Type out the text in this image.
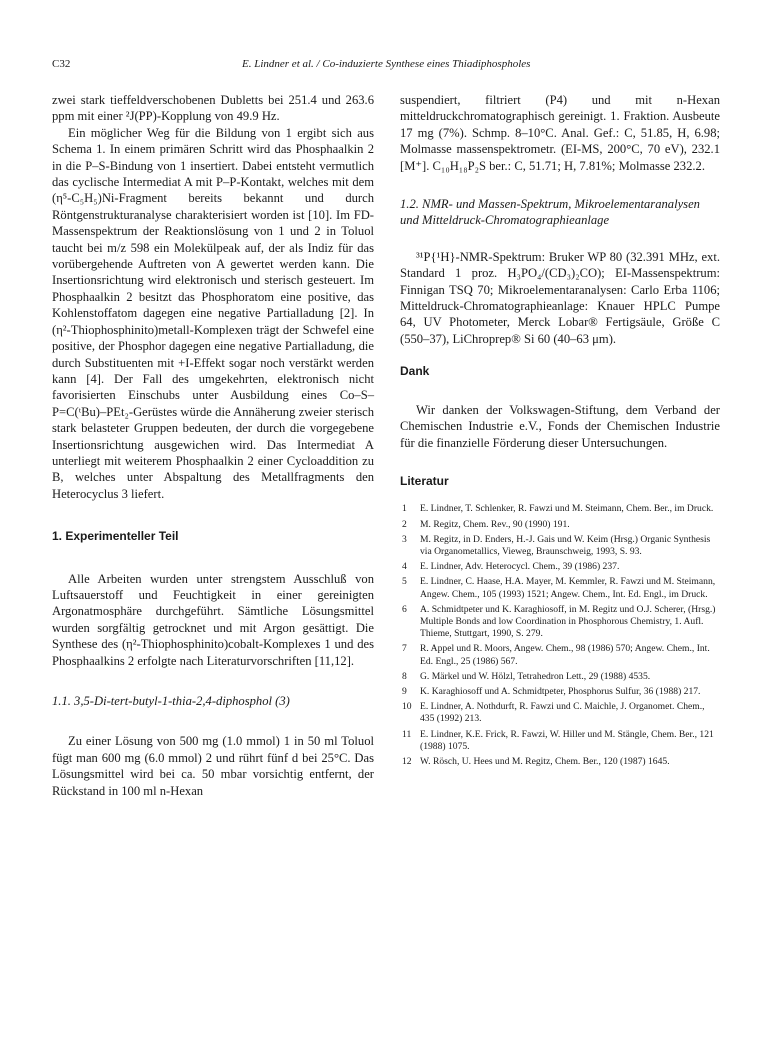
C32	E. Lindner et al. / Co-induzierte Synthese eines Thiadiphospholes

zwei stark tieffeldverschobenen Dubletts bei 251.4 und 263.6 ppm mit einer ²J(PP)-Kopplung von 49.9 Hz.

Ein möglicher Weg für die Bildung von 1 ergibt sich aus Schema 1. In einem primären Schritt wird das Phosphaalkin 2 in die P–S-Bindung von 1 insertiert. Dabei entsteht vermutlich das cyclische Intermediat A mit P–P-Kontakt, welches mit dem (η⁵-C₅H₅)Ni-Fragment bereits bekannt und durch Röntgenstrukturanalyse charakterisiert worden ist [10]. Im FD-Massenspektrum der Reaktionslösung von 1 und 2 in Toluol taucht bei m/z 598 ein Molekülpeak auf, der als Indiz für das vorübergehende Auftreten von A gewertet werden kann. Die Insertionsrichtung wird elektronisch und sterisch gesteuert. Im Phosphaalkin 2 besitzt das Phosphoratom eine positive, das Kohlenstoffatom dagegen eine negative Partialladung [2]. In (η²-Thiophosphinito)metall-Komplexen trägt der Schwefel eine positive, der Phosphor dagegen eine negative Partialladung, die durch Substituenten mit +I-Effekt sogar noch verstärkt werden kann [4]. Der Fall des umgekehrten, elektronisch nicht favorisierten Einschubs unter Ausbildung eines Co–S–P=C(ᵗBu)–PEt₂-Gerüstes würde die Annäherung zweier sterisch stark belasteter Gruppen bedeuten, der durch die vorgegebene Insertionsrichtung ausgewichen wird. Das Intermediat A unterliegt mit weiterem Phosphaalkin 2 einer Cycloaddition zu B, welches unter Abspaltung des Metallfragments den Heterocyclus 3 liefert.

1. Experimenteller Teil

Alle Arbeiten wurden unter strengstem Ausschluß von Luftsauerstoff und Feuchtigkeit in einer gereinigten Argonatmosphäre durchgeführt. Sämtliche Lösungsmittel wurden sorgfältig getrocknet und mit Argon gesättigt. Die Synthese des (η²-Thiophosphinito)cobalt-Komplexes 1 und des Phosphaalkins 2 erfolgte nach Literaturvorschriften [11,12].

1.1. 3,5-Di-tert-butyl-1-thia-2,4-diphosphol (3)

Zu einer Lösung von 500 mg (1.0 mmol) 1 in 50 ml Toluol fügt man 600 mg (6.0 mmol) 2 und rührt fünf d bei 25°C. Das Lösungsmittel wird bei ca. 50 mbar vorsichtig entfernt, der Rückstand in 100 ml n-Hexan

suspendiert, filtriert (P4) und mit n-Hexan mitteldruckchromatographisch gereinigt. 1. Fraktion. Ausbeute 17 mg (7%). Schmp. 8–10°C. Anal. Gef.: C, 51.85, H, 6.98; Molmasse massenspektrometr. (EI-MS, 200°C, 70 eV), 232.1 [M⁺]. C₁₀H₁₈P₂S ber.: C, 51.71; H, 7.81%; Molmasse 232.2.

1.2. NMR- und Massen-Spektrum, Mikroelementaranalysen und Mitteldruck-Chromatographieanlage

³¹P{¹H}-NMR-Spektrum: Bruker WP 80 (32.391 MHz, ext. Standard 1 proz. H₃PO₄/(CD₃)₂CO); EI-Massenspektrum: Finnigan TSQ 70; Mikroelementaranalysen: Carlo Erba 1106; Mitteldruck-Chromatographieanlage: Knauer HPLC Pumpe 64, UV Photometer, Merck Lobar® Fertigsäule, Größe C (550–37), LiChroprep® Si 60 (40–63 μm).

Dank

Wir danken der Volkswagen-Stiftung, dem Verband der Chemischen Industrie e.V., Fonds der Chemischen Industrie für die finanzielle Förderung dieser Untersuchungen.

Literatur

1 E. Lindner, T. Schlenker, R. Fawzi und M. Steimann, Chem. Ber., im Druck.
2 M. Regitz, Chem. Rev., 90 (1990) 191.
3 M. Regitz, in D. Enders, H.-J. Gais und W. Keim (Hrsg.) Organic Synthesis via Organometallics, Vieweg, Braunschweig, 1993, S. 93.
4 E. Lindner, Adv. Heterocycl. Chem., 39 (1986) 237.
5 E. Lindner, C. Haase, H.A. Mayer, M. Kemmler, R. Fawzi und M. Steimann, Angew. Chem., 105 (1993) 1521; Angew. Chem., Int. Ed. Engl., im Druck.
6 A. Schmidtpeter und K. Karaghiosoff, in M. Regitz und O.J. Scherer, (Hrsg.) Multiple Bonds and low Coordination in Phosphorous Chemistry, 1. Aufl. Thieme, Stuttgart, 1990, S. 279.
7 R. Appel und R. Moors, Angew. Chem., 98 (1986) 570; Angew. Chem., Int. Ed. Engl., 25 (1986) 567.
8 G. Märkel und W. Hölzl, Tetrahedron Lett., 29 (1988) 4535.
9 K. Karaghiosoff und A. Schmidtpeter, Phosphorus Sulfur, 36 (1988) 217.
10 E. Lindner, A. Nothdurft, R. Fawzi und C. Maichle, J. Organomet. Chem., 435 (1992) 213.
11 E. Lindner, K.E. Frick, R. Fawzi, W. Hiller und M. Stängle, Chem. Ber., 121 (1988) 1075.
12 W. Rösch, U. Hees und M. Regitz, Chem. Ber., 120 (1987) 1645.
